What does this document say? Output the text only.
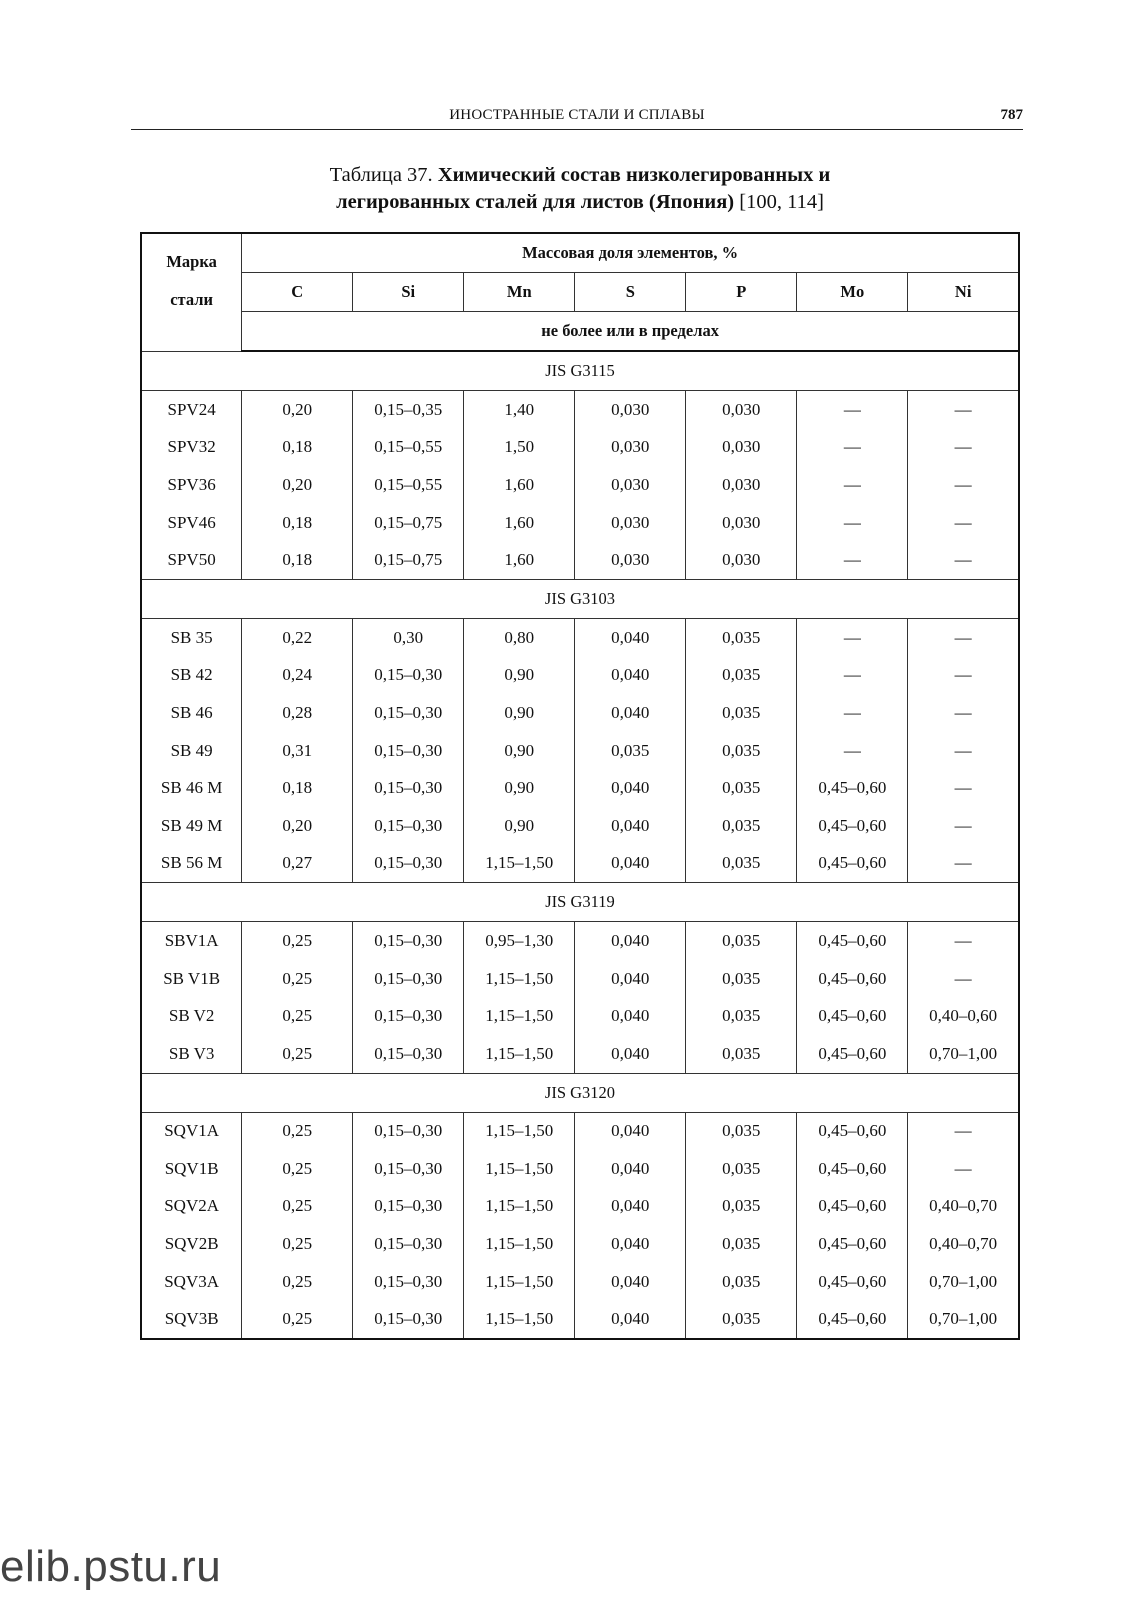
ИНОСТРАННЫЕ СТАЛИ И СПЛАВЫ	787
Таблица 37. Химический состав низколегированных и
легированных сталей для листов (Япония) [100, 114]
Марка
стали	Массовая доля элементов, %						
	C	Si	Mn	S	P	Mo	Ni
	не более или в пределах						
JIS G3115							
SPV24	0,20	0,15–0,35	1,40	0,030	0,030	—	—
SPV32	0,18	0,15–0,55	1,50	0,030	0,030	—	—
SPV36	0,20	0,15–0,55	1,60	0,030	0,030	—	—
SPV46	0,18	0,15–0,75	1,60	0,030	0,030	—	—
SPV50	0,18	0,15–0,75	1,60	0,030	0,030	—	—
JIS G3103							
SB 35	0,22	0,30	0,80	0,040	0,035	—	—
SB 42	0,24	0,15–0,30	0,90	0,040	0,035	—	—
SB 46	0,28	0,15–0,30	0,90	0,040	0,035	—	—
SB 49	0,31	0,15–0,30	0,90	0,035	0,035	—	—
SB 46 M	0,18	0,15–0,30	0,90	0,040	0,035	0,45–0,60	—
SB 49 M	0,20	0,15–0,30	0,90	0,040	0,035	0,45–0,60	—
SB 56 M	0,27	0,15–0,30	1,15–1,50	0,040	0,035	0,45–0,60	—
JIS G3119							
SBV1A	0,25	0,15–0,30	0,95–1,30	0,040	0,035	0,45–0,60	—
SB V1B	0,25	0,15–0,30	1,15–1,50	0,040	0,035	0,45–0,60	—
SB V2	0,25	0,15–0,30	1,15–1,50	0,040	0,035	0,45–0,60	0,40–0,60
SB V3	0,25	0,15–0,30	1,15–1,50	0,040	0,035	0,45–0,60	0,70–1,00
JIS G3120							
SQV1A	0,25	0,15–0,30	1,15–1,50	0,040	0,035	0,45–0,60	—
SQV1B	0,25	0,15–0,30	1,15–1,50	0,040	0,035	0,45–0,60	—
SQV2A	0,25	0,15–0,30	1,15–1,50	0,040	0,035	0,45–0,60	0,40–0,70
SQV2B	0,25	0,15–0,30	1,15–1,50	0,040	0,035	0,45–0,60	0,40–0,70
SQV3A	0,25	0,15–0,30	1,15–1,50	0,040	0,035	0,45–0,60	0,70–1,00
SQV3B	0,25	0,15–0,30	1,15–1,50	0,040	0,035	0,45–0,60	0,70–1,00
elib.pstu.ru
